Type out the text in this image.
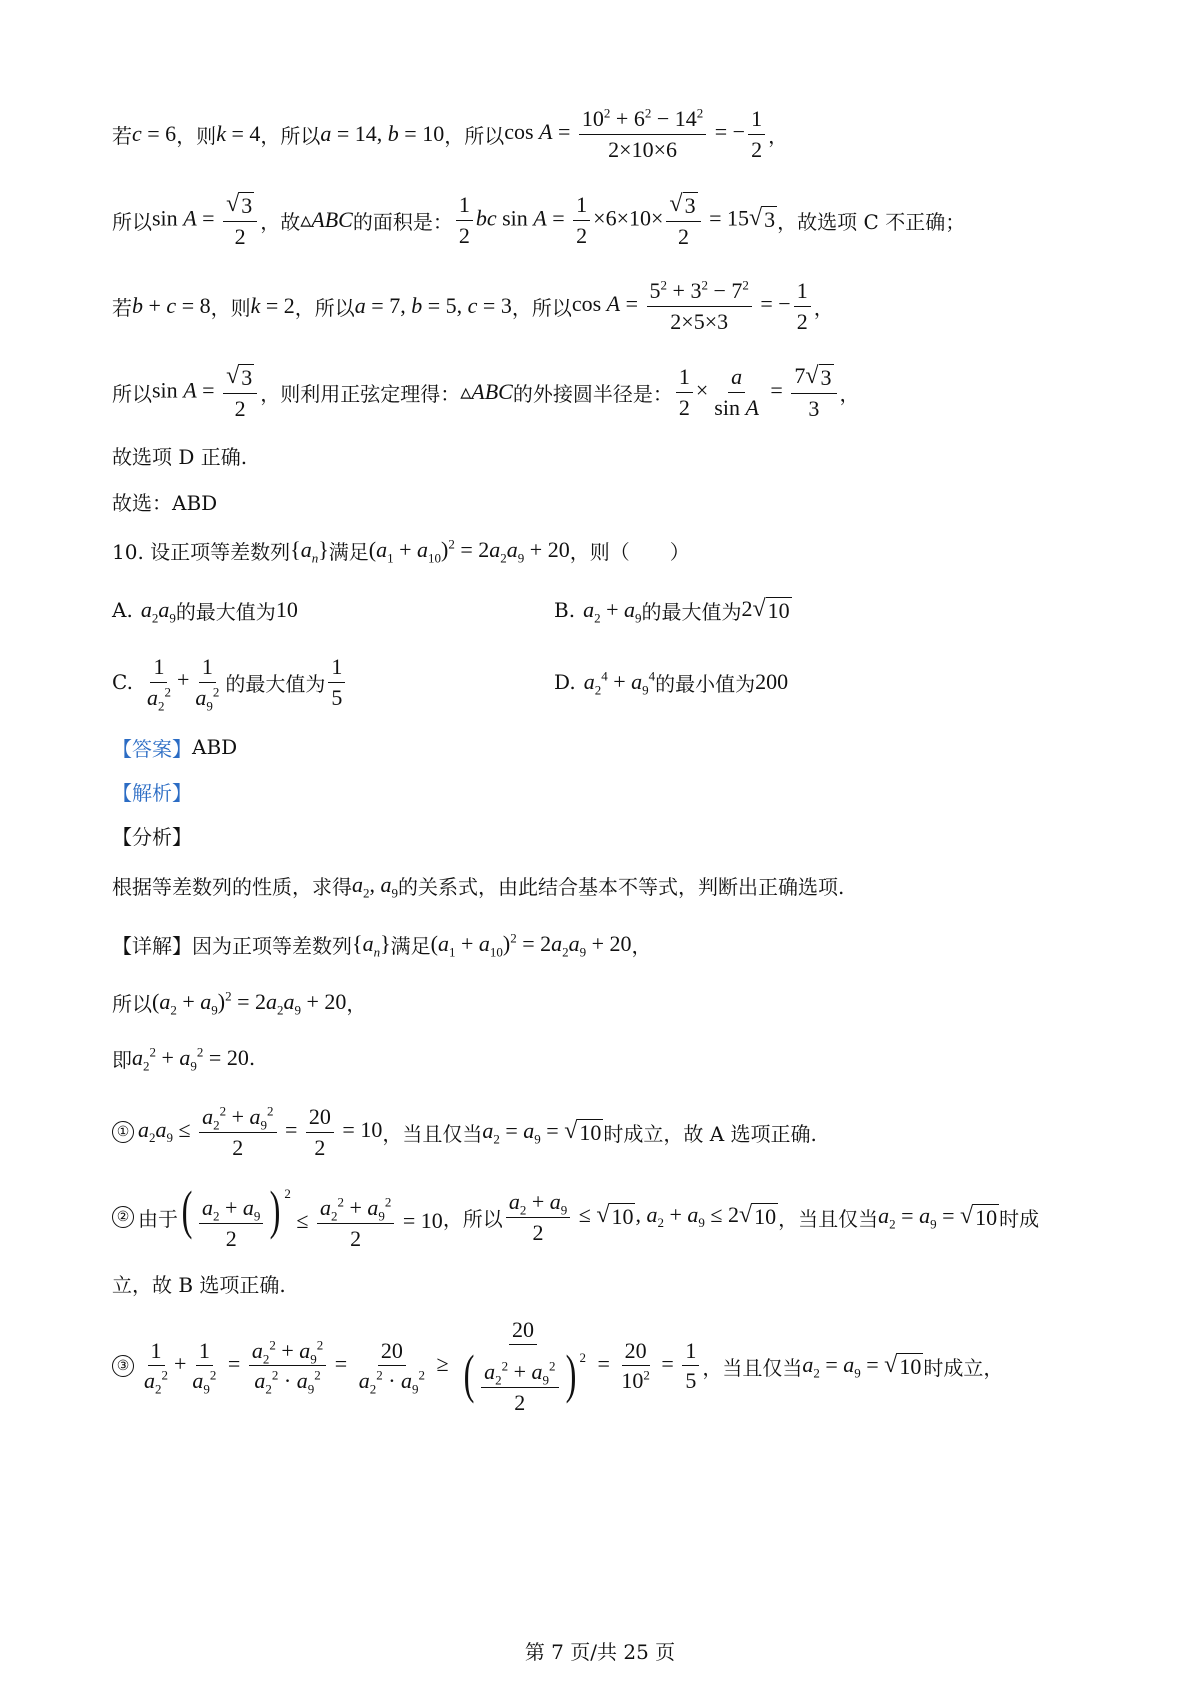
若 c = 6 ，则 k = 4 ，所以 a = 14, b = 10 ，所以 $\cos A = \frac{10^2 + 6^2 - 14^2}{2\times 10\times 6}$ = − $\frac{1}{2}$ ，
所以 $\sin A = \frac{√ 3}{2}$ ，故 ▵ABC 的面积是： $\frac{1}{2}$ bc $\sin A = \frac{1}{2} \times 6\times 10\times \frac{√ 3}{2} = 15$ √ 3 ，故选项 C 不正确；
若 b + c = 8 ，则 k = 2 ，所以 a = 7, b = 5, c = 3 ，所以 $\cos A = \frac{5^2 + 3^2 - 7^2}{2\times 5\times 3}$ = − $\frac{1}{2}$ ，
所以 $\sin A = \frac{√ 3}{2}$ ，则利用正弦定理得： ▵ABC 的外接圆半径是： $\frac{1}{2} \times \frac{a}{\text{sin A}} = \frac{7 √ 3}{3}$ ，
故选项 D 正确.
故选：ABD
10. 设正项等差数列 $\{a_n\}$ 满足 $(a_1 + a_{10})^2 = 2a_2a_9 + 20$ ，则（　　）
A. $a_2a_9$ 的最大值为 10	B. $a_2 + a_9$ 的最大值为 2 √ 10
C. $\frac{1}{a_2^2} + \frac{1}{a_9^2}$ 的最大值为 $\frac{1}{5}$	D. $a_2^4 + a_9^4$ 的最小值为 200
【答案】 ABD
【解析】
【分析】
根据等差数列的性质，求得 $a_2$, $a_9$ 的关系式，由此结合基本不等式，判断出正确选项.
【详解】 因为正项等差数列 $\{a_n\}$ 满足 $(a_1 + a_{10})^2 = 2a_2a_9 + 20$ ，
所以 $(a_2 + a_9)^2 = 2a_2a_9 + 20$ ，
即 $a_2^2 + a_9^2 = 20$ .
① $a_2a_9 \le \frac{a_2^2 + a_9^2}{2} = \frac{20}{2} = 10$ ，当且仅当 $a_2 = a_9$ = √ 10 时成立，故 A 选项正确.
② 由于 ( $\frac{a_2 + a_9}{2}$ ) $^2 \le \frac{a_2^2 + a_9^2}{2} = 10$ ，所以 $\frac{a_2 + a_9}{2}$ ≤ √ 10 , $a_2 + a_9 \le 2$ √ 10 ，当且仅当 $a_2 = a_9$ = √ 10 时成
立，故 B 选项正确.
③ $\frac{1}{a_2^2} + \frac{1}{a_9^2} = \frac{a_2^2 + a_9^2}{a_2^2 \cdot a_9^2} = \frac{20}{a_2^2 \cdot a_9^2} \ge \frac{20}{( \frac{a_2^2 + a_9^2}{2} ) ^2} = \frac{20}{10^2} = \frac{1}{5}$ ，当且仅当 $a_2 = a_9$ = √ 10 时成立，
第 7 页/共 25 页
